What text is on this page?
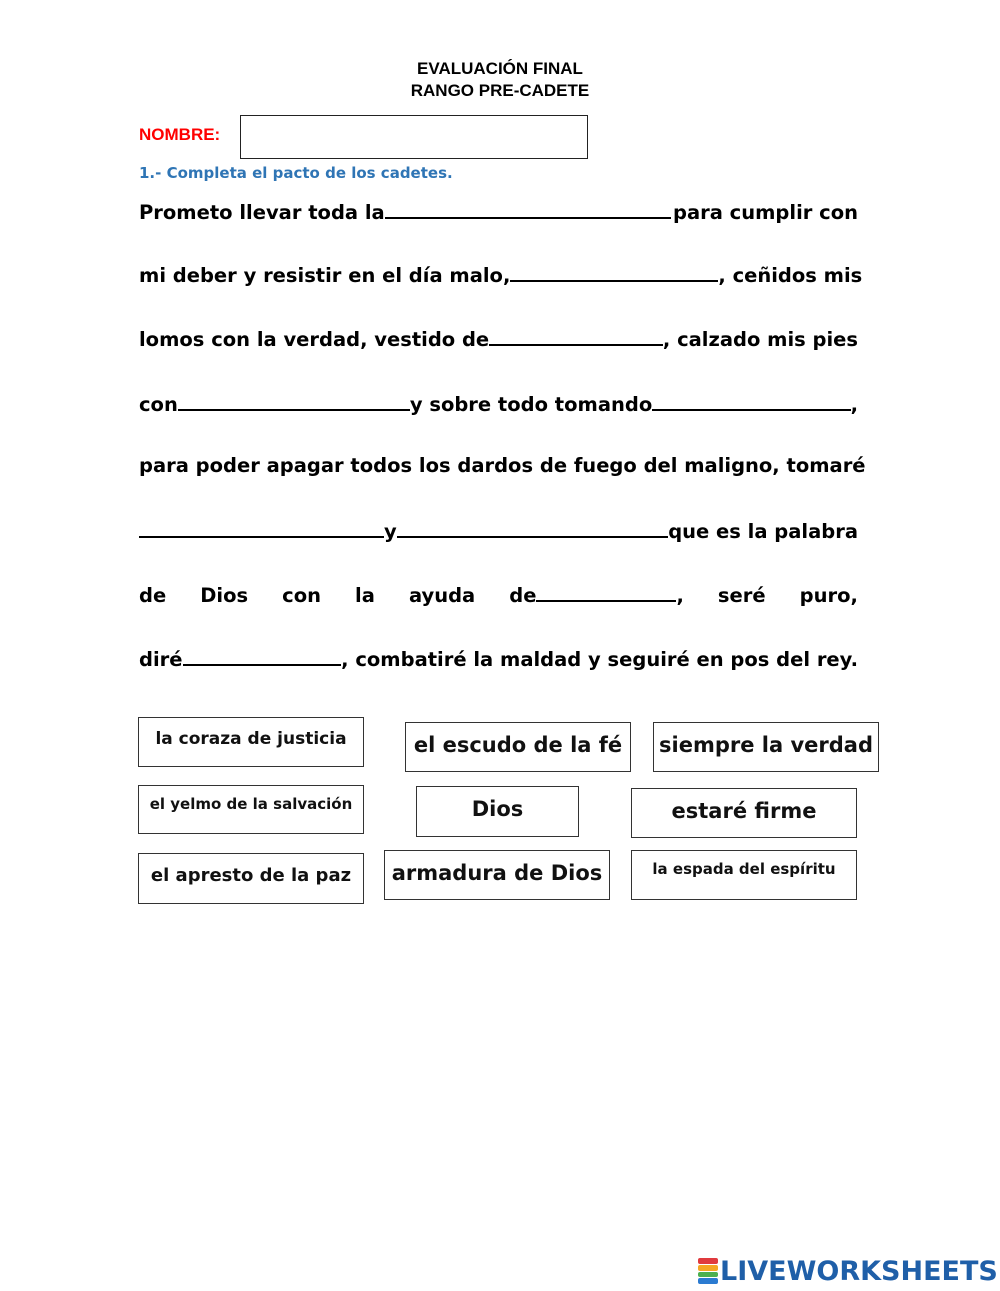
EVALUACIÓN FINAL
RANGO PRE-CADETE
NOMBRE:
1.- Completa el pacto de los cadetes.
Prometo llevar toda la	para cumplir con
mi deber y resistir en el día malo,	, ceñidos mis
lomos con la verdad, vestido de	, calzado mis pies
con	y sobre todo tomando	,
para poder apagar todos los dardos de fuego del maligno, tomaré
y	que es la palabra
de Dios con la ayuda de	, seré puro,
diré	, combatiré la maldad y seguiré en pos del rey.
la coraza de justicia	el escudo de la fé	siempre la verdad
el yelmo de la salvación	Dios	estaré firme
el apresto de la paz	armadura de Dios	la espada del espíritu
LIVEWORKSHEETS
